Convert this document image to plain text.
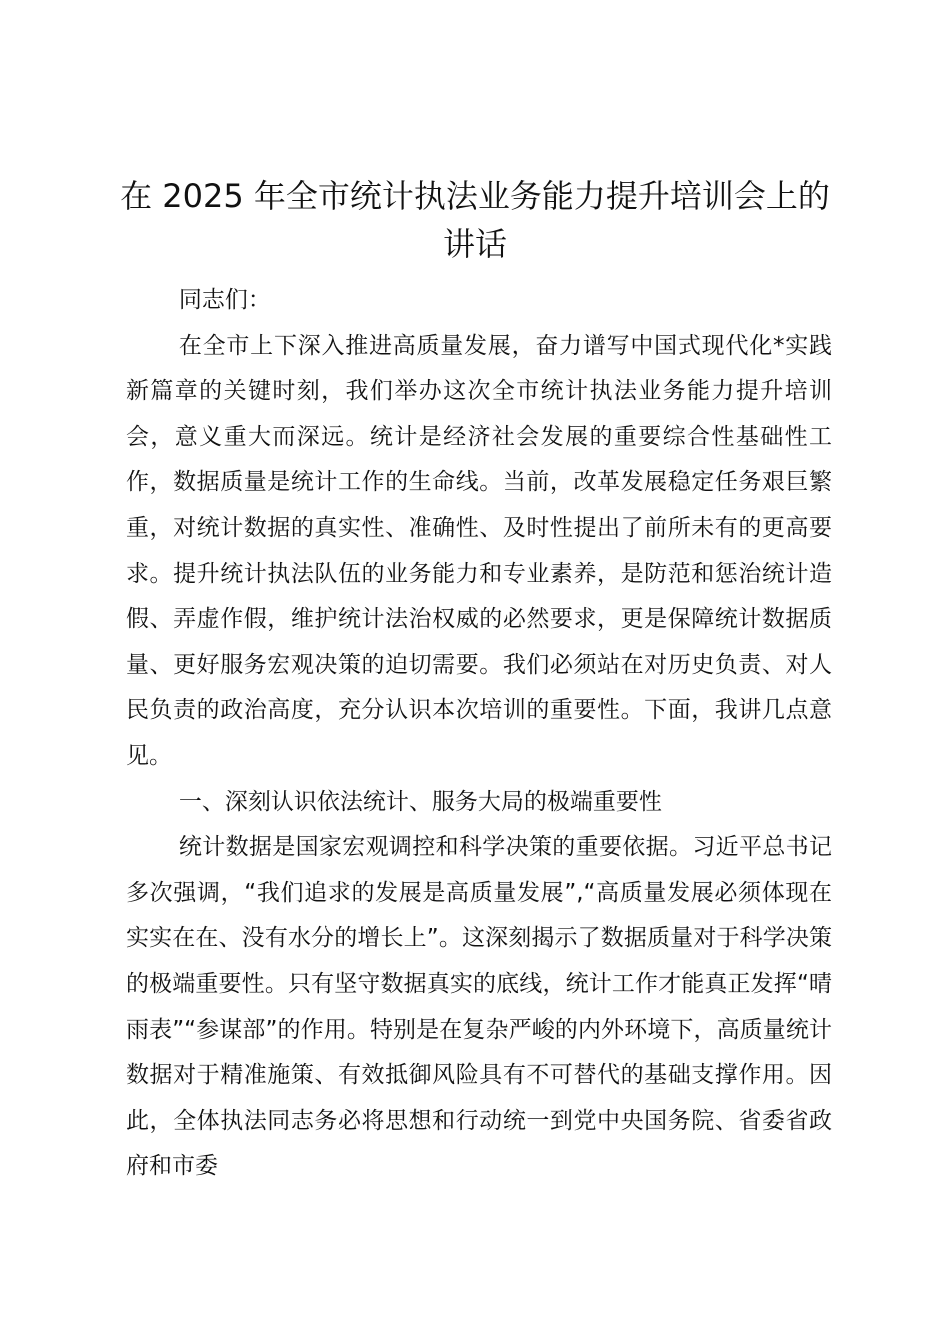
在 2025 年全市统计执法业务能力提升培训会上的讲话

同志们：

在全市上下深入推进高质量发展，奋力谱写中国式现代化*实践新篇章的关键时刻，我们举办这次全市统计执法业务能力提升培训会，意义重大而深远。统计是经济社会发展的重要综合性基础性工作，数据质量是统计工作的生命线。当前，改革发展稳定任务艰巨繁重，对统计数据的真实性、准确性、及时性提出了前所未有的更高要求。提升统计执法队伍的业务能力和专业素养，是防范和惩治统计造假、弄虚作假，维护统计法治权威的必然要求，更是保障统计数据质量、更好服务宏观决策的迫切需要。我们必须站在对历史负责、对人民负责的政治高度，充分认识本次培训的重要性。下面，我讲几点意见。

一、深刻认识依法统计、服务大局的极端重要性

统计数据是国家宏观调控和科学决策的重要依据。习近平总书记多次强调，“我们追求的发展是高质量发展”,“高质量发展必须体现在实实在在、没有水分的增长上”。这深刻揭示了数据质量对于科学决策的极端重要性。只有坚守数据真实的底线，统计工作才能真正发挥“晴雨表”“参谋部”的作用。特别是在复杂严峻的内外环境下，高质量统计数据对于精准施策、有效抵御风险具有不可替代的基础支撑作用。因此，全体执法同志务必将思想和行动统一到党中央国务院、省委省政府和市委
